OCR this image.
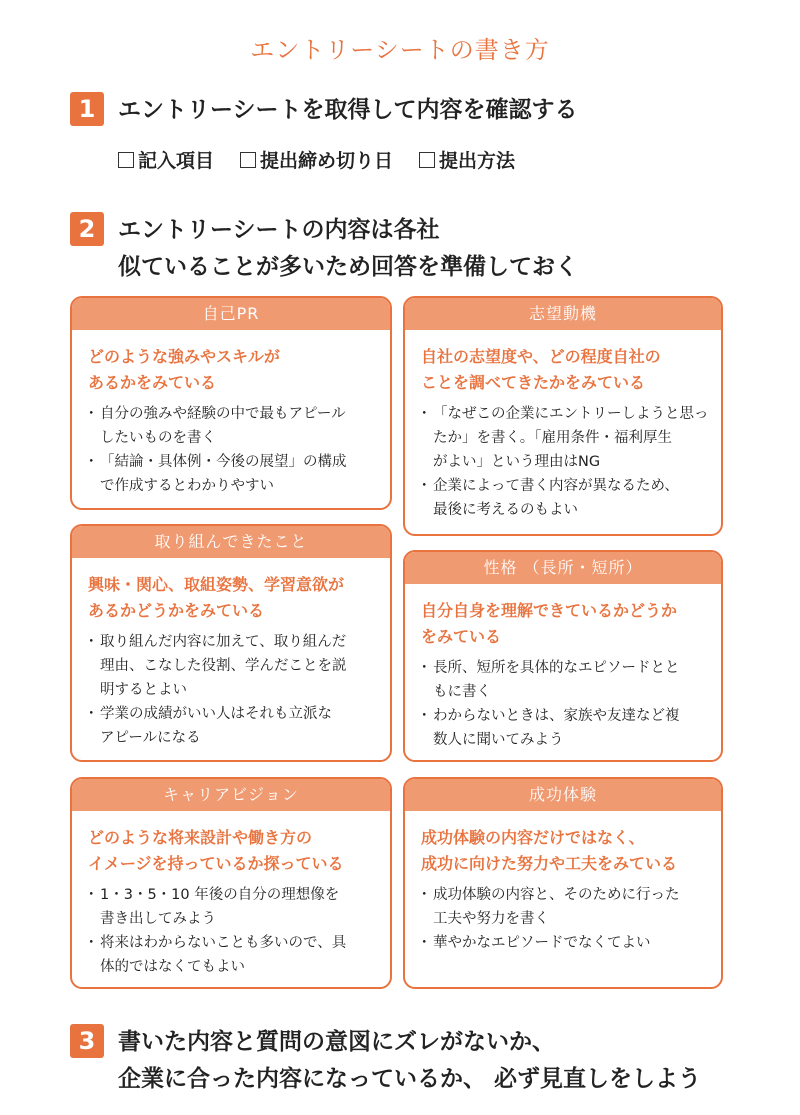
エントリーシートの書き方
1 エントリーシートを取得して内容を確認する
記入項目 提出締め切り日 提出方法
2 エントリーシートの内容は各社
似ていることが多いため回答を準備しておく
自己PR
どのような強みやスキルが
あるかをみている
・ 自分の強みや経験の中で最もアピール
したいものを書く
・ 「結論・具体例・今後の展望」の構成
で作成するとわかりやすい
志望動機
自社の志望度や、どの程度自社の
ことを調べてきたかをみている
・ 「なぜこの企業にエントリーしようと思っ
たか」を書く。「雇用条件・福利厚生
がよい」という理由はNG
・ 企業によって書く内容が異なるため、
最後に考えるのもよい
取り組んできたこと
興味・関心、取組姿勢、学習意欲が
あるかどうかをみている
・ 取り組んだ内容に加えて、取り組んだ
理由、こなした役割、学んだことを説
明するとよい
・ 学業の成績がいい人はそれも立派な
アピールになる
性格 （長所・短所）
自分自身を理解できているかどうか
をみている
・ 長所、短所を具体的なエピソードとと
もに書く
・ わからないときは、家族や友達など複
数人に聞いてみよう
キャリアビジョン
どのような将来設計や働き方の
イメージを持っているか探っている
・ 1・3・5・10 年後の自分の理想像を
書き出してみよう
・ 将来はわからないことも多いので、具
体的ではなくてもよい
成功体験
成功体験の内容だけではなく、
成功に向けた努力や工夫をみている
・ 成功体験の内容と、そのために行った
工夫や努力を書く
・ 華やかなエピソードでなくてよい
3 書いた内容と質問の意図にズレがないか、
企業に合った内容になっているか、 必ず見直しをしよう
